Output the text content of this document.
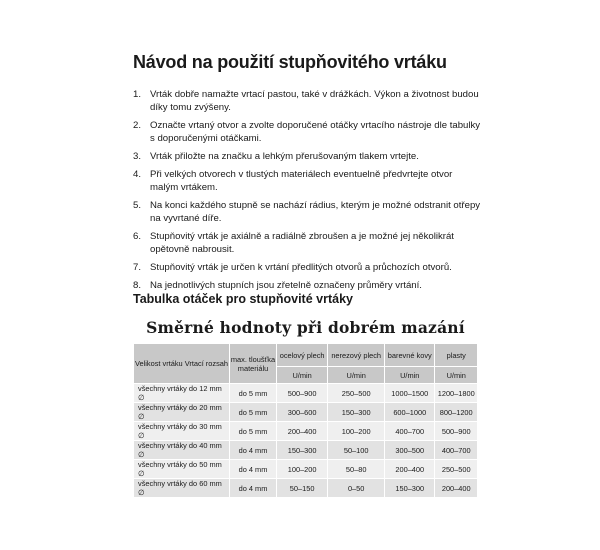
Návod na použití stupňovitého vrtáku
1. Vrták dobře namažte vrtací pastou, také v drážkách. Výkon a životnost budou díky tomu zvýšeny.
2. Označte vrtaný otvor a zvolte doporučené otáčky vrtacího nástroje dle tabulky s doporučenými otáčkami.
3. Vrták přiložte na značku a lehkým přerušovaným tlakem vrtejte.
4. Při velkých otvorech v tlustých materiálech eventuelně předvrtejte otvor malým vrtákem.
5. Na konci každého stupně se nachází rádius, kterým je možné odstranit otřepy na vyvrtané díře.
6. Stupňovitý vrták je axiálně a radiálně zbroušen a je možné jej několikrát opětovně nabrousit.
7. Stupňovitý vrták je určen k vrtání předlitých otvorů a průchozích otvorů.
8. Na jednotlivých stupních jsou zřetelně označeny průměry vrtání.
Tabulka otáček pro stupňovité vrtáky
Směrné hodnoty při dobrém mazání
Velikost vrtáku Vrtací rozsah	max. tloušťka materiálu	ocelový plech	nerezový plech	barevné kovy	plasty
		U/min	U/min	U/min	U/min
všechny vrtáky do 12 mm ∅	do 5 mm	500–900	250–500	1000–1500	1200–1800
všechny vrtáky do 20 mm ∅	do 5 mm	300–600	150–300	600–1000	800–1200
všechny vrtáky do 30 mm ∅	do 5 mm	200–400	100–200	400–700	500–900
všechny vrtáky do 40 mm ∅	do 4 mm	150–300	50–100	300–500	400–700
všechny vrtáky do 50 mm ∅	do 4 mm	100–200	50–80	200–400	250–500
všechny vrtáky do 60 mm ∅	do 4 mm	50–150	0–50	150–300	200–400
